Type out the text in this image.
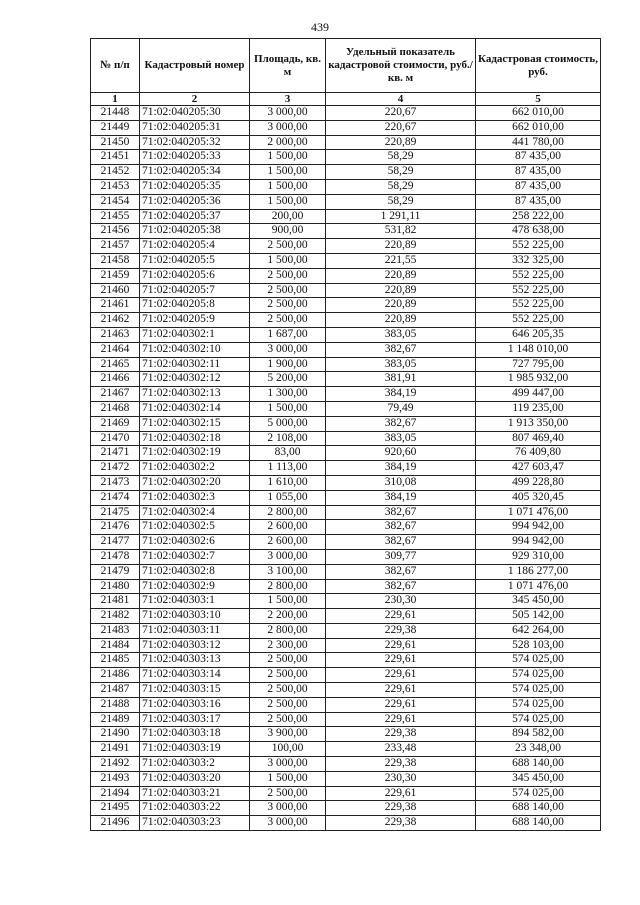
439
№ п/п	Кадастровый номер	Площадь, кв. м	Удельный показатель кадастровой стоимости, руб./кв. м	Кадастровая стоимость, руб.
1	2	3	4	5
21448	71:02:040205:30	3 000,00	220,67	662 010,00
21449	71:02:040205:31	3 000,00	220,67	662 010,00
21450	71:02:040205:32	2 000,00	220,89	441 780,00
21451	71:02:040205:33	1 500,00	58,29	87 435,00
21452	71:02:040205:34	1 500,00	58,29	87 435,00
21453	71:02:040205:35	1 500,00	58,29	87 435,00
21454	71:02:040205:36	1 500,00	58,29	87 435,00
21455	71:02:040205:37	200,00	1 291,11	258 222,00
21456	71:02:040205:38	900,00	531,82	478 638,00
21457	71:02:040205:4	2 500,00	220,89	552 225,00
21458	71:02:040205:5	1 500,00	221,55	332 325,00
21459	71:02:040205:6	2 500,00	220,89	552 225,00
21460	71:02:040205:7	2 500,00	220,89	552 225,00
21461	71:02:040205:8	2 500,00	220,89	552 225,00
21462	71:02:040205:9	2 500,00	220,89	552 225,00
21463	71:02:040302:1	1 687,00	383,05	646 205,35
21464	71:02:040302:10	3 000,00	382,67	1 148 010,00
21465	71:02:040302:11	1 900,00	383,05	727 795,00
21466	71:02:040302:12	5 200,00	381,91	1 985 932,00
21467	71:02:040302:13	1 300,00	384,19	499 447,00
21468	71:02:040302:14	1 500,00	79,49	119 235,00
21469	71:02:040302:15	5 000,00	382,67	1 913 350,00
21470	71:02:040302:18	2 108,00	383,05	807 469,40
21471	71:02:040302:19	83,00	920,60	76 409,80
21472	71:02:040302:2	1 113,00	384,19	427 603,47
21473	71:02:040302:20	1 610,00	310,08	499 228,80
21474	71:02:040302:3	1 055,00	384,19	405 320,45
21475	71:02:040302:4	2 800,00	382,67	1 071 476,00
21476	71:02:040302:5	2 600,00	382,67	994 942,00
21477	71:02:040302:6	2 600,00	382,67	994 942,00
21478	71:02:040302:7	3 000,00	309,77	929 310,00
21479	71:02:040302:8	3 100,00	382,67	1 186 277,00
21480	71:02:040302:9	2 800,00	382,67	1 071 476,00
21481	71:02:040303:1	1 500,00	230,30	345 450,00
21482	71:02:040303:10	2 200,00	229,61	505 142,00
21483	71:02:040303:11	2 800,00	229,38	642 264,00
21484	71:02:040303:12	2 300,00	229,61	528 103,00
21485	71:02:040303:13	2 500,00	229,61	574 025,00
21486	71:02:040303:14	2 500,00	229,61	574 025,00
21487	71:02:040303:15	2 500,00	229,61	574 025,00
21488	71:02:040303:16	2 500,00	229,61	574 025,00
21489	71:02:040303:17	2 500,00	229,61	574 025,00
21490	71:02:040303:18	3 900,00	229,38	894 582,00
21491	71:02:040303:19	100,00	233,48	23 348,00
21492	71:02:040303:2	3 000,00	229,38	688 140,00
21493	71:02:040303:20	1 500,00	230,30	345 450,00
21494	71:02:040303:21	2 500,00	229,61	574 025,00
21495	71:02:040303:22	3 000,00	229,38	688 140,00
21496	71:02:040303:23	3 000,00	229,38	688 140,00
